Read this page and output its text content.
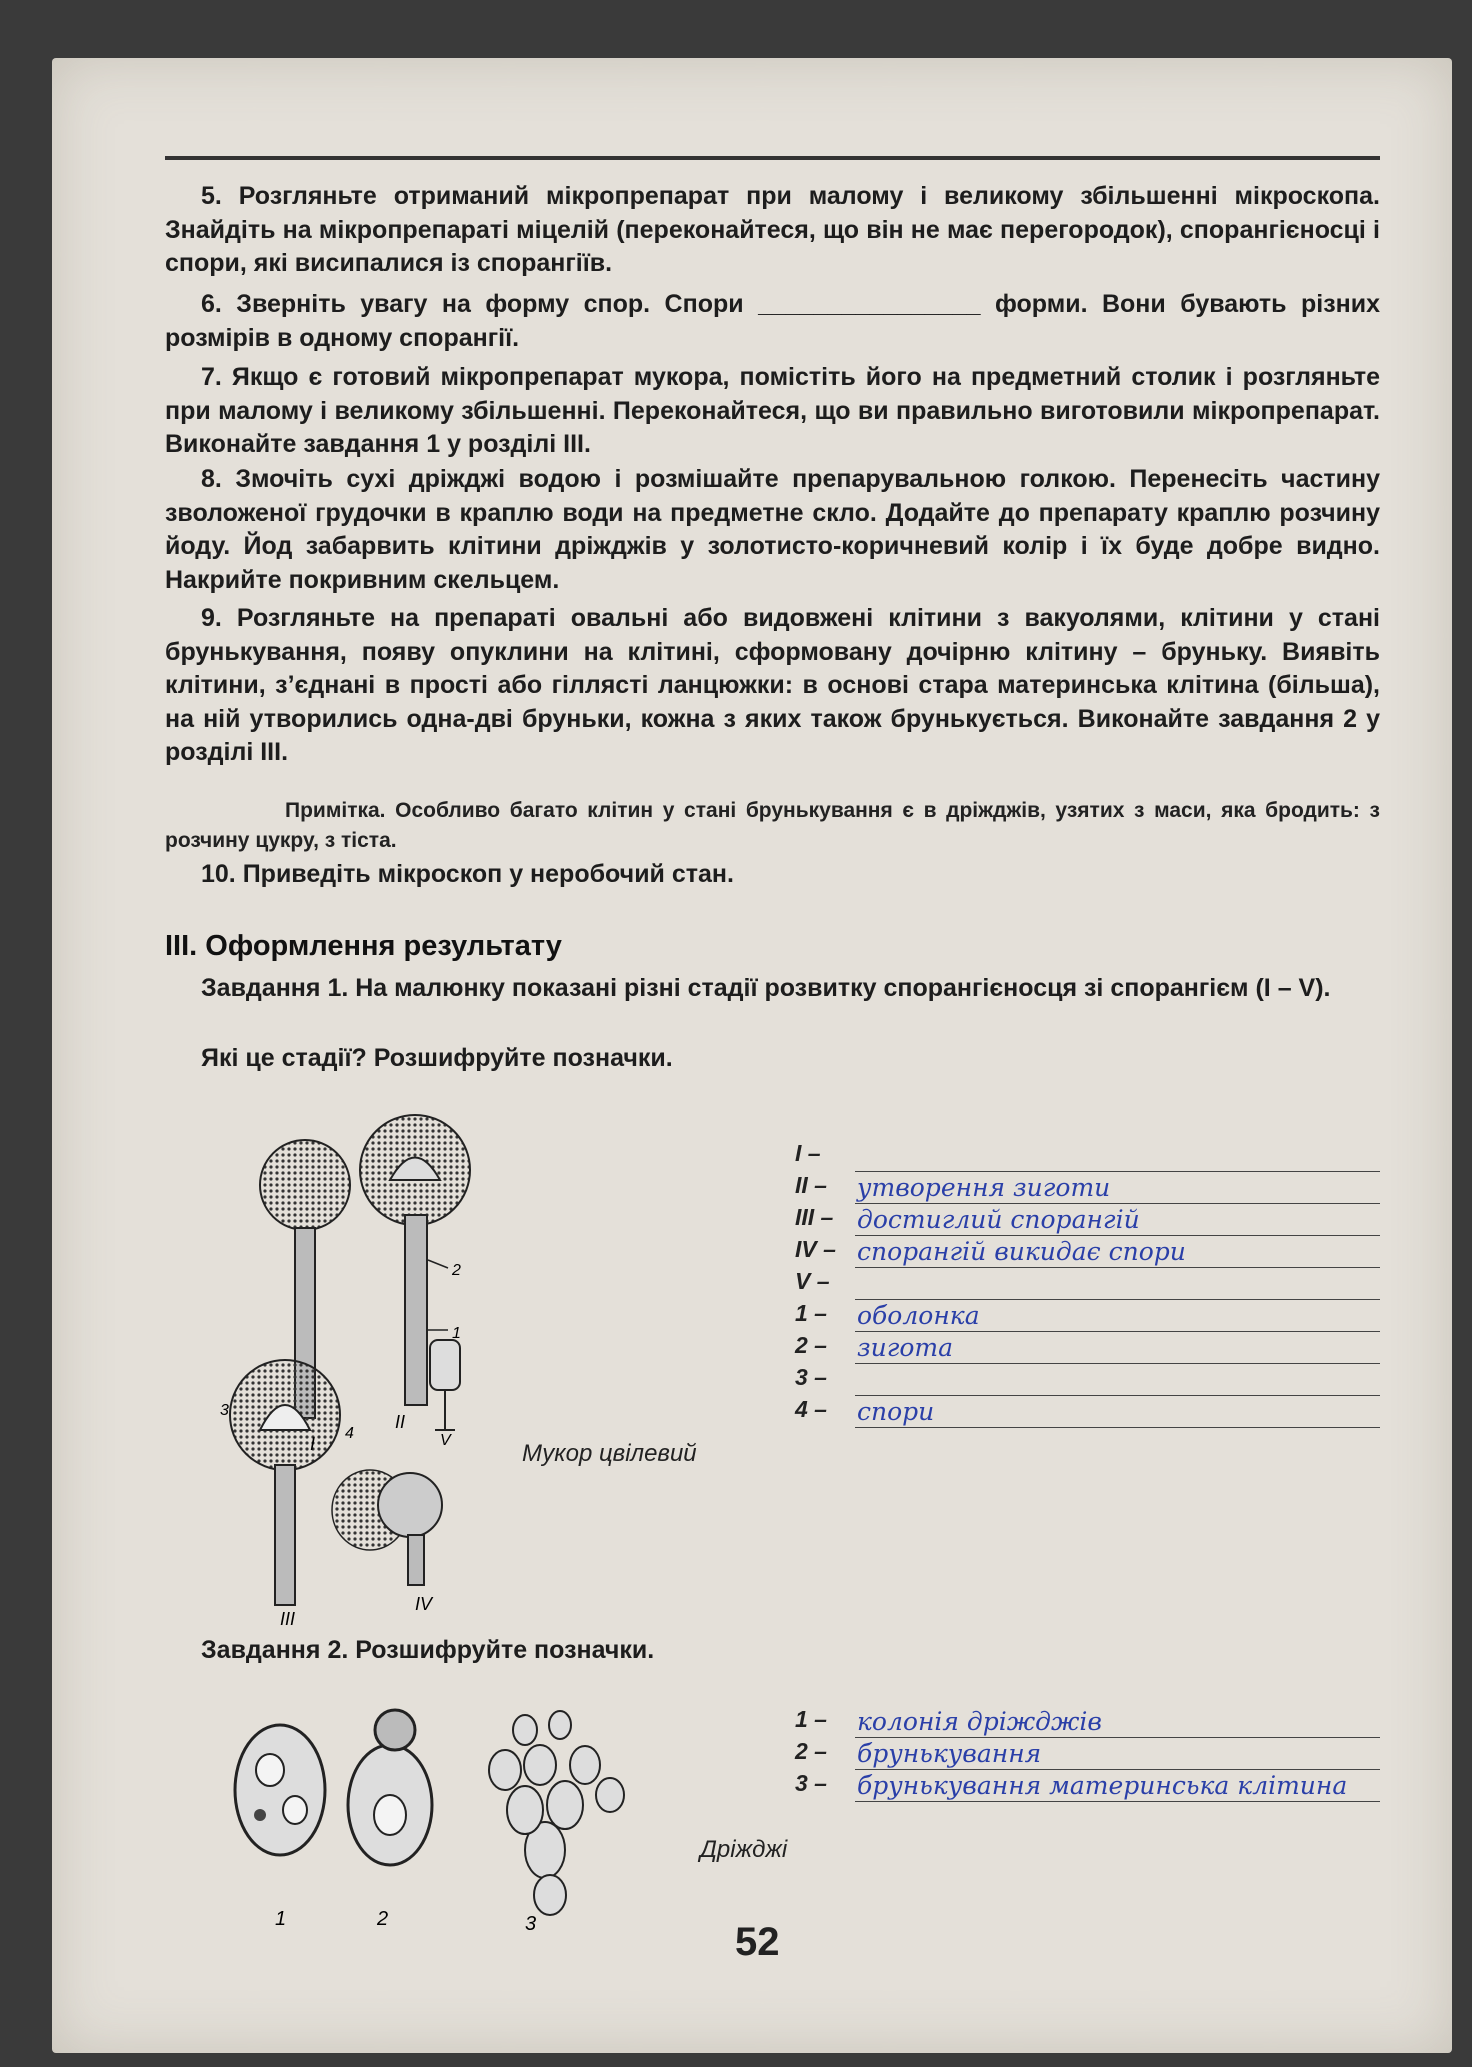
5. Розгляньте отриманий мікропрепарат при малому і великому збільшенні мікроскопа. Знайдіть на мікропрепараті міцелій (переконайтеся, що він не має перегородок), спорангієносці і спори, які висипалися із спорангіїв.
6. Зверніть увагу на форму спор. Спори ________________ форми. Вони бувають різних розмірів в одному спорангії.
7. Якщо є готовий мікропрепарат мукора, помістіть його на предметний столик і розгляньте при малому і великому збільшенні. Переконайтеся, що ви правильно виготовили мікропрепарат. Виконайте завдання 1 у розділі III.
8. Змочіть сухі дріжджі водою і розмішайте препарувальною голкою. Перенесіть частину зволоженої грудочки в краплю води на предметне скло. Додайте до препарату краплю розчину йоду. Йод забарвить клітини дріжджів у золотисто-коричневий колір і їх буде добре видно. Накрийте покривним скельцем.
9. Розгляньте на препараті овальні або видовжені клітини з вакуолями, клітини у стані брунькування, появу опуклини на клітині, сформовану дочірню клітину – бруньку. Виявіть клітини, з’єднані в прості або гіллясті ланцюжки: в основі стара материнська клітина (більша), на ній утворились одна-дві бруньки, кожна з яких також брунькується. Виконайте завдання 2 у розділі III.
Примітка. Особливо багато клітин у стані брунькування є в дріжджів, узятих з маси, яка бродить: з розчину цукру, з тіста.
10. Приведіть мікроскоп у неробочий стан.
III. Оформлення результату
Завдання 1. На малюнку показані різні стадії розвитку спорангієносця зі спорангієм (I – V).
Які це стадії? Розшифруйте позначки.
I
II
III
IV
V
1
2
3
4
Мукор цвілевий
I –
II – утворення зиготи
III – достиглий спорангій
IV – спорангій викидає спори
V –
1 – оболонка
2 – зигота
3 –
4 – спори
Завдання 2. Розшифруйте позначки.
1	2	3
Дріжджі
1 – колонія дріжджів
2 – брунькування
3 – брунькування материнська клітина
52
